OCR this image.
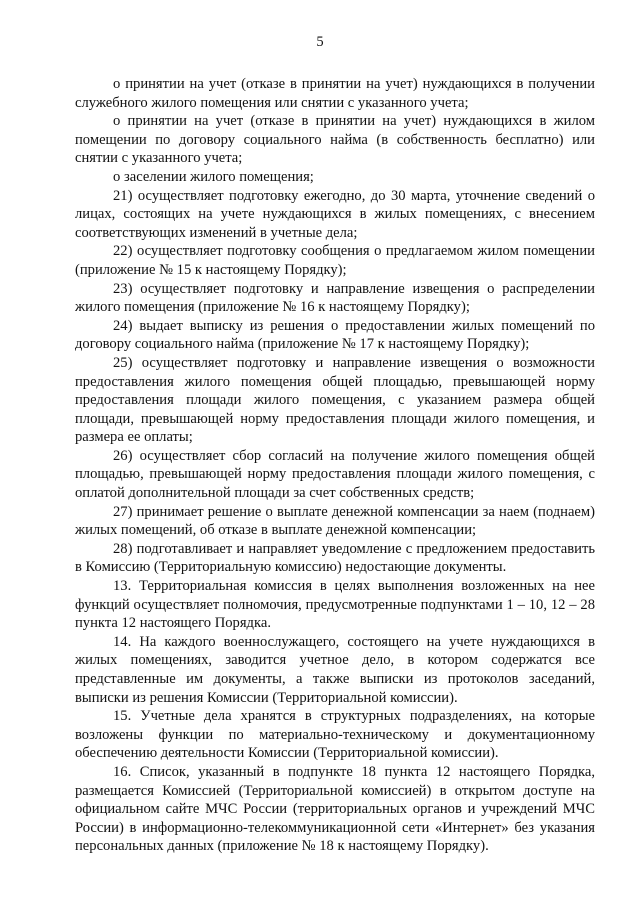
5

о принятии на учет (отказе в принятии на учет) нуждающихся в получении служебного жилого помещения или снятии с указанного учета;

о принятии на учет (отказе в принятии на учет) нуждающихся в жилом помещении по договору социального найма (в собственность бесплатно) или снятии с указанного учета;

о заселении жилого помещения;

21) осуществляет подготовку ежегодно, до 30 марта, уточнение сведений о лицах, состоящих на учете нуждающихся в жилых помещениях, с внесением соответствующих изменений в учетные дела;

22) осуществляет подготовку сообщения о предлагаемом жилом помещении (приложение № 15 к настоящему Порядку);

23) осуществляет подготовку и направление извещения о распределении жилого помещения (приложение № 16 к настоящему Порядку);

24) выдает выписку из решения о предоставлении жилых помещений по договору социального найма (приложение № 17 к настоящему Порядку);

25) осуществляет подготовку и направление извещения о возможности предоставления жилого помещения общей площадью, превышающей норму предоставления площади жилого помещения, с указанием размера общей площади, превышающей норму предоставления площади жилого помещения, и размера ее оплаты;

26) осуществляет сбор согласий на получение жилого помещения общей площадью, превышающей норму предоставления площади жилого помещения, с оплатой дополнительной площади за счет собственных средств;

27) принимает решение о выплате денежной компенсации за наем (поднаем) жилых помещений, об отказе в выплате денежной компенсации;

28) подготавливает и направляет уведомление с предложением предоставить в Комиссию (Территориальную комиссию) недостающие документы.

13. Территориальная комиссия в целях выполнения возложенных на нее функций осуществляет полномочия, предусмотренные подпунктами 1 – 10, 12 – 28 пункта 12 настоящего Порядка.

14. На каждого военнослужащего, состоящего на учете нуждающихся в жилых помещениях, заводится учетное дело, в котором содержатся все представленные им документы, а также выписки из протоколов заседаний, выписки из решения Комиссии (Территориальной комиссии).

15. Учетные дела хранятся в структурных подразделениях, на которые возложены функции по материально-техническому и документационному обеспечению деятельности Комиссии (Территориальной комиссии).

16. Список, указанный в подпункте 18 пункта 12 настоящего Порядка, размещается Комиссией (Территориальной комиссией) в открытом доступе на официальном сайте МЧС России (территориальных органов и учреждений МЧС России) в информационно-телекоммуникационной сети «Интернет» без указания персональных данных (приложение № 18 к настоящему Порядку).
